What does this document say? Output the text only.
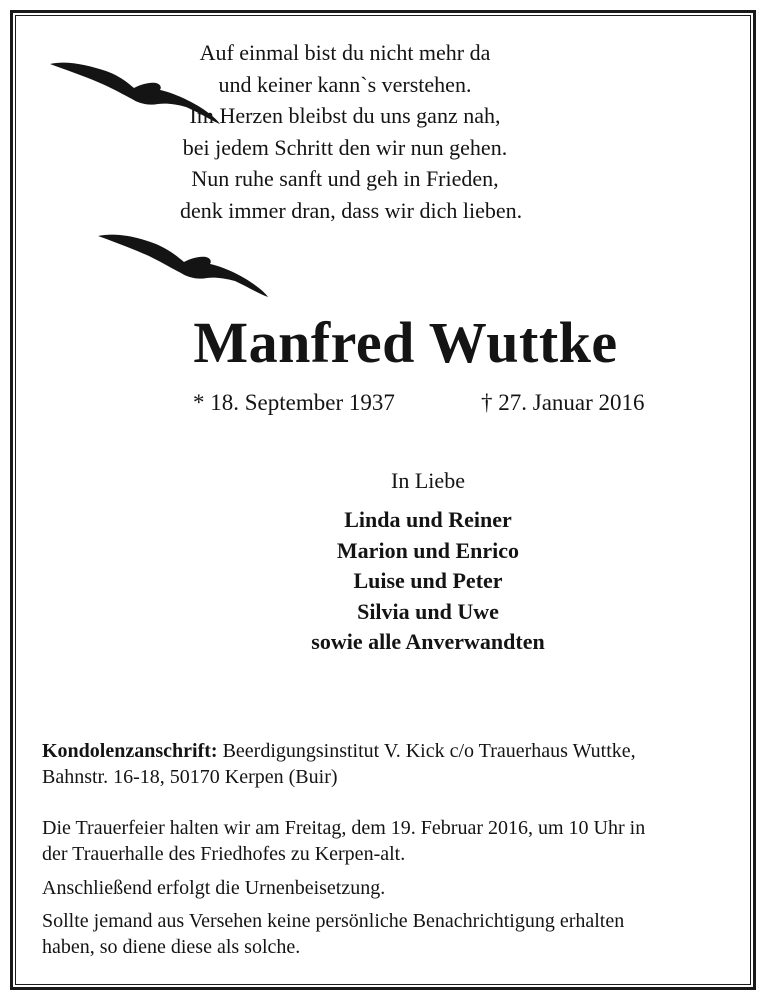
Auf einmal bist du nicht mehr da
und keiner kann`s verstehen.
Im Herzen bleibst du uns ganz nah,
bei jedem Schritt den wir nun gehen.
Nun ruhe sanft und geh in Frieden,
denk immer dran, dass wir dich lieben.
Manfred Wuttke
* 18. September 1937	† 27. Januar 2016
In Liebe
Linda und Reiner
Marion und Enrico
Luise und Peter
Silvia und Uwe
sowie alle Anverwandten
Kondolenzanschrift: Beerdigungsinstitut V. Kick c/o Trauerhaus Wuttke,
Bahnstr. 16-18, 50170 Kerpen (Buir)
Die Trauerfeier halten wir am Freitag, dem 19. Februar 2016, um 10 Uhr in
der Trauerhalle des Friedhofes zu Kerpen-alt.
Anschließend erfolgt die Urnenbeisetzung.
Sollte jemand aus Versehen keine persönliche Benachrichtigung erhalten
haben, so diene diese als solche.
